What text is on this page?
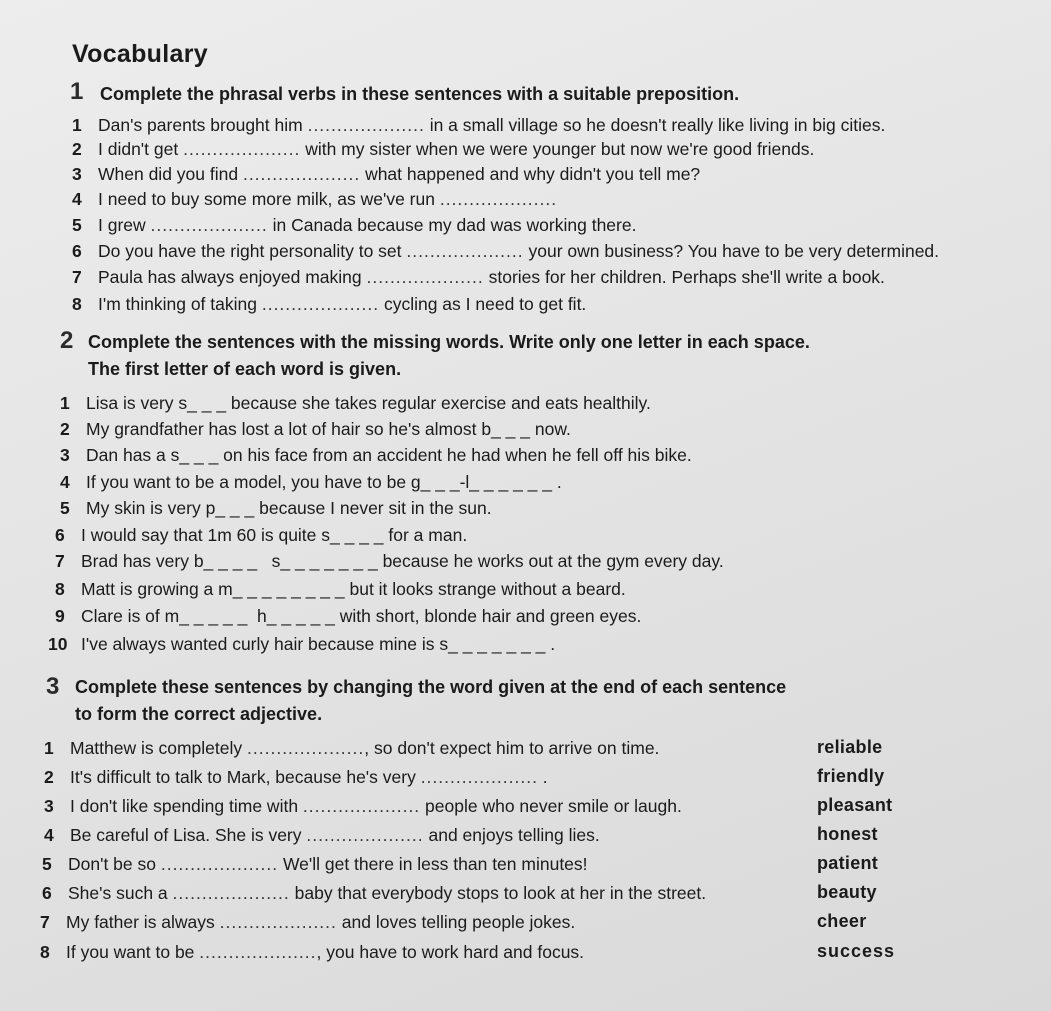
Vocabulary
1 Complete the phrasal verbs in these sentences with a suitable preposition.
1 Dan's parents brought him .................... in a small village so he doesn't really like living in big cities.
2 I didn't get .................... with my sister when we were younger but now we're good friends.
3 When did you find .................... what happened and why didn't you tell me?
4 I need to buy some more milk, as we've run ....................
5 I grew .................... in Canada because my dad was working there.
6 Do you have the right personality to set .................... your own business? You have to be very determined.
7 Paula has always enjoyed making .................... stories for her children. Perhaps she'll write a book.
8 I'm thinking of taking .................... cycling as I need to get fit.
2 Complete the sentences with the missing words. Write only one letter in each space.
The first letter of each word is given.
1 Lisa is very s_ _ _ because she takes regular exercise and eats healthily.
2 My grandfather has lost a lot of hair so he's almost b_ _ _ now.
3 Dan has a s_ _ _ on his face from an accident he had when he fell off his bike.
4 If you want to be a model, you have to be g_ _ _-l_ _ _ _ _ _ .
5 My skin is very p_ _ _ because I never sit in the sun.
6 I would say that 1m 60 is quite s_ _ _ _ for a man.
7 Brad has very b_ _ _ _   s_ _ _ _ _ _ _ because he works out at the gym every day.
8 Matt is growing a m_ _ _ _ _ _ _ _ but it looks strange without a beard.
9 Clare is of m_ _ _ _ _  h_ _ _ _ _ with short, blonde hair and green eyes.
10 I've always wanted curly hair because mine is s_ _ _ _ _ _ _ .
3 Complete these sentences by changing the word given at the end of each sentence
to form the correct adjective.
1 Matthew is completely ...................., so don't expect him to arrive on time.	reliable
2 It's difficult to talk to Mark, because he's very .................... .	friendly
3 I don't like spending time with .................... people who never smile or laugh.	pleasant
4 Be careful of Lisa. She is very .................... and enjoys telling lies.	honest
5 Don't be so .................... We'll get there in less than ten minutes!	patient
6 She's such a .................... baby that everybody stops to look at her in the street.	beauty
7 My father is always .................... and loves telling people jokes.	cheer
8 If you want to be ...................., you have to work hard and focus.	success
